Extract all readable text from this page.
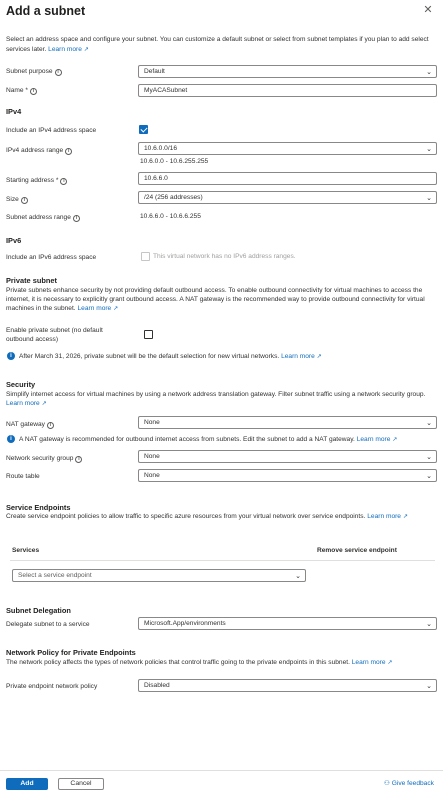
Add a subnet	✕
Select an address space and configure your subnet. You can customize a default subnet or select from subnet templates if you plan to add select services later. Learn more ↗
Subnet purpose i	Default	⌄
Name * i	MyACASubnet
IPv4
Include an IPv4 address space
IPv4 address range i	10.6.0.0/16	⌄
10.6.0.0 - 10.6.255.255
Starting address * i	10.6.6.0
Size i	/24 (256 addresses)	⌄
Subnet address range i	10.6.6.0 - 10.6.6.255
IPv6
Include an IPv6 address space	This virtual network has no IPv6 address ranges.
Private subnet
Private subnets enhance security by not providing default outbound access. To enable outbound connectivity for virtual machines to access the internet, it is necessary to explicitly grant outbound access. A NAT gateway is the recommended way to provide outbound connectivity for virtual machines in the subnet. Learn more ↗
Enable private subnet (no default
outbound access)
i	After March 31, 2026, private subnet will be the default selection for new virtual networks. Learn more ↗
Security
Simplify internet access for virtual machines by using a network address translation gateway. Filter subnet traffic using a network security group. Learn more ↗
NAT gateway i	None	⌄
i	A NAT gateway is recommended for outbound internet access from subnets. Edit the subnet to add a NAT gateway. Learn more ↗
Network security group i	None	⌄
Route table	None	⌄
Service Endpoints
Create service endpoint policies to allow traffic to specific azure resources from your virtual network over service endpoints. Learn more ↗
Services	Remove service endpoint
Select a service endpoint	⌄
Subnet Delegation
Delegate subnet to a service	Microsoft.App/environments	⌄
Network Policy for Private Endpoints
The network policy affects the types of network policies that control traffic going to the private endpoints in this subnet. Learn more ↗
Private endpoint network policy	Disabled	⌄
Add	Cancel	⚇ Give feedback
